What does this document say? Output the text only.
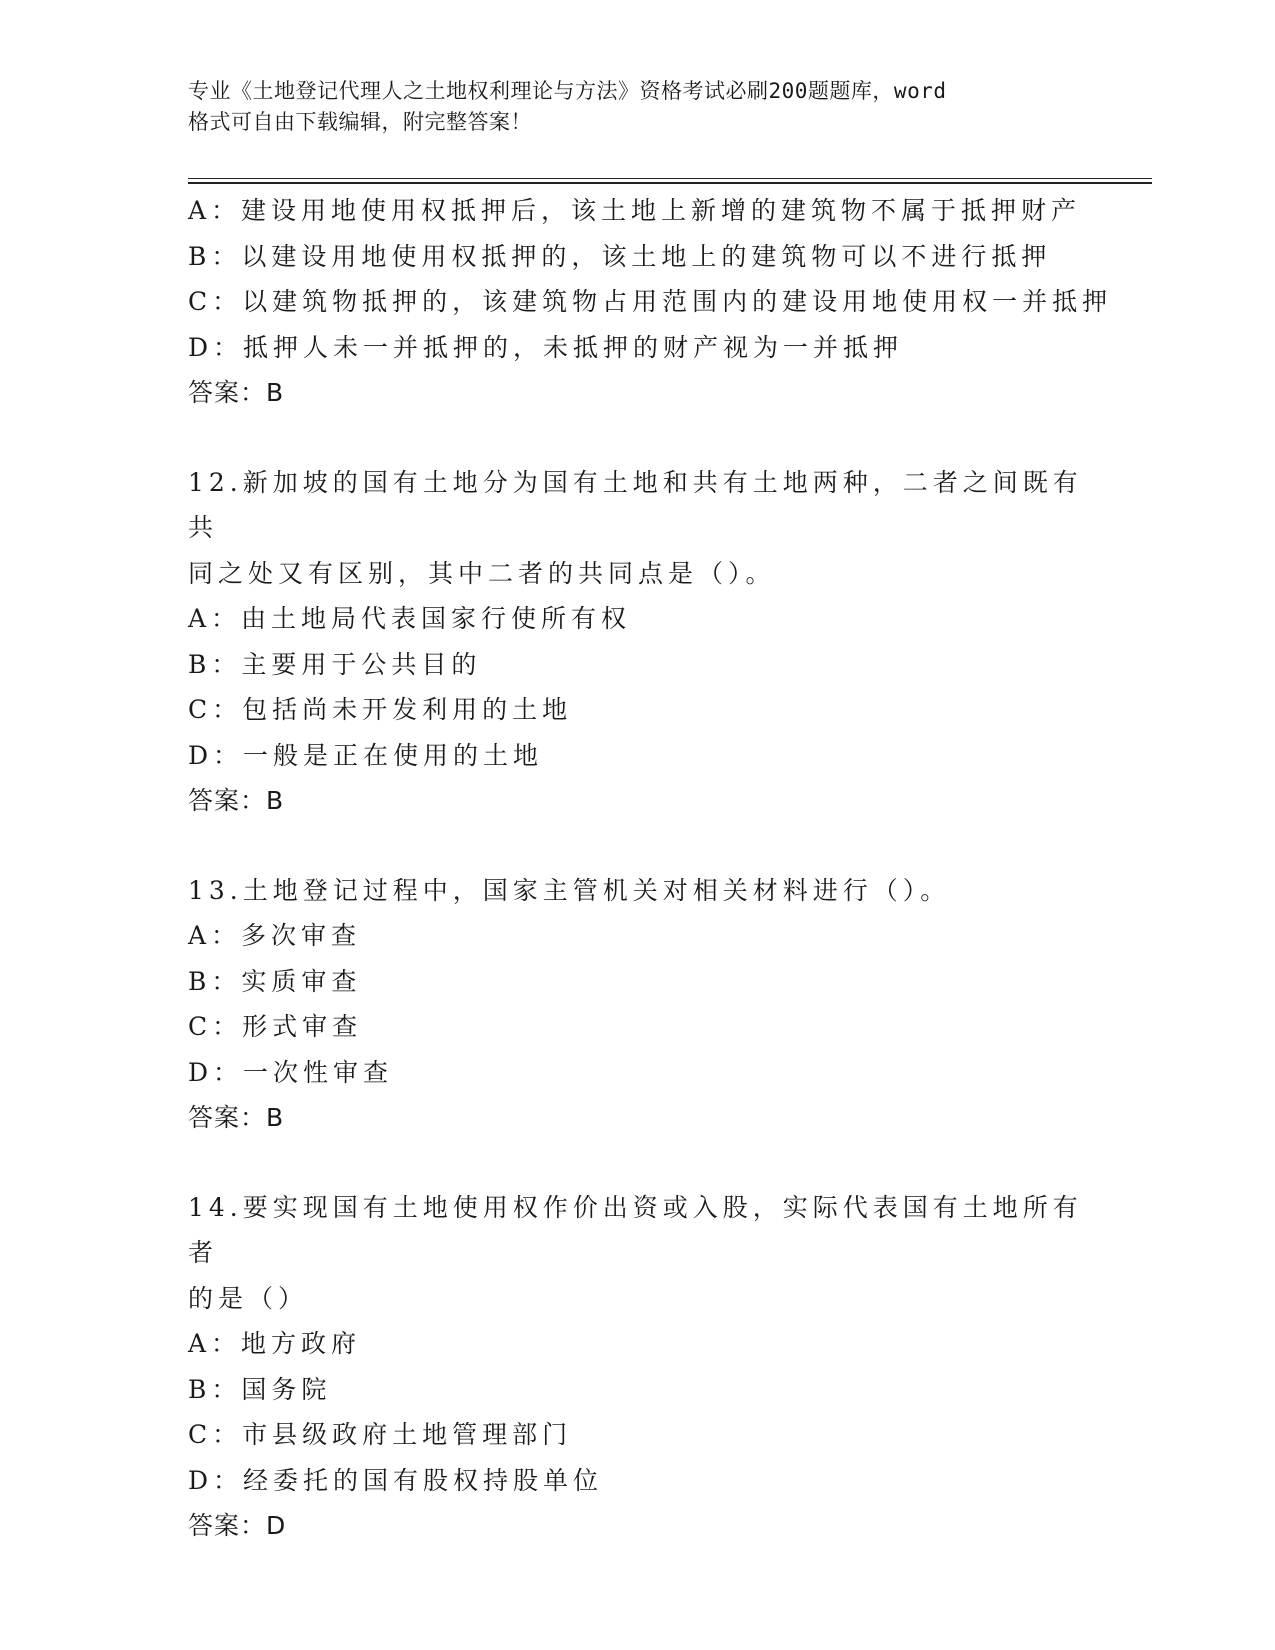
专业《土地登记代理人之土地权利理论与方法》资格考试必刷200题题库，word
格式可自由下载编辑，附完整答案！
A：建设用地使用权抵押后，该土地上新增的建筑物不属于抵押财产
B：以建设用地使用权抵押的，该土地上的建筑物可以不进行抵押
C：以建筑物抵押的，该建筑物占用范围内的建设用地使用权一并抵押
D：抵押人未一并抵押的，未抵押的财产视为一并抵押
答案：B
12.新加坡的国有土地分为国有土地和共有土地两种，二者之间既有共
同之处又有区别，其中二者的共同点是（）。
A：由土地局代表国家行使所有权
B：主要用于公共目的
C：包括尚未开发利用的土地
D：一般是正在使用的土地
答案：B
13.土地登记过程中，国家主管机关对相关材料进行（）。
A：多次审查
B：实质审查
C：形式审查
D：一次性审查
答案：B
14.要实现国有土地使用权作价出资或入股，实际代表国有土地所有者
的是（）
A：地方政府
B：国务院
C：市县级政府土地管理部门
D：经委托的国有股权持股单位
答案：D
